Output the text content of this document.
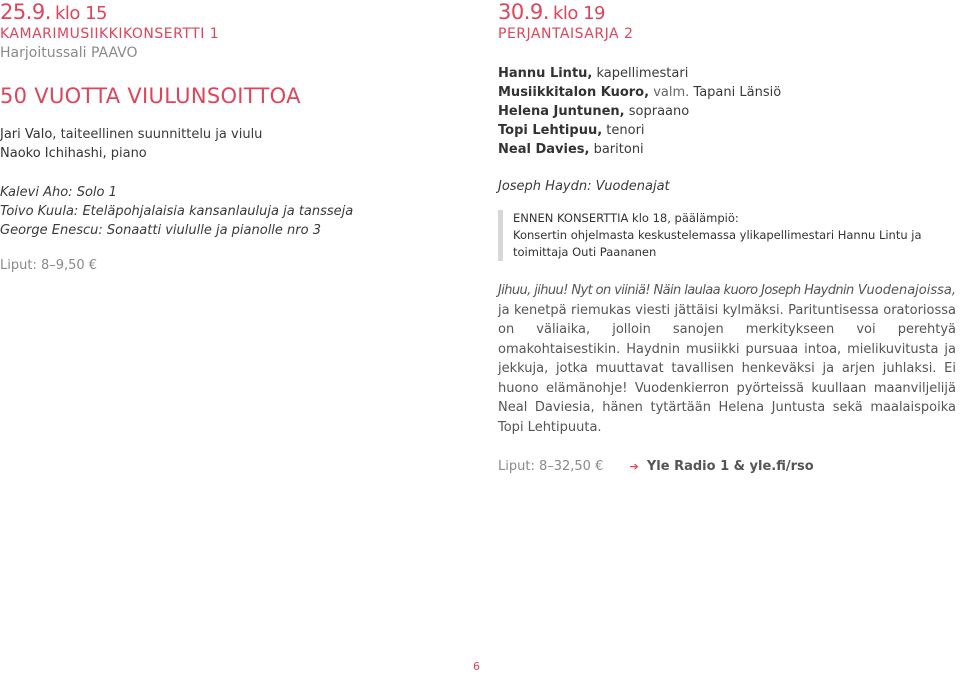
25.9. klo 15
KAMARIMUSIIKKIKONSERTTI 1
Harjoitussali PAAVO
50 VUOTTA VIULUNSOITTOA
Jari Valo, taiteellinen suunnittelu ja viulu
Naoko Ichihashi, piano
Kalevi Aho: Solo 1
Toivo Kuula: Eteläpohjalaisia kansanlauluja ja tansseja
George Enescu: Sonaatti viululle ja pianolle nro 3
Liput: 8–9,50 €
30.9. klo 19
PERJANTAISARJA 2
Hannu Lintu, kapellimestari
Musiikkitalon Kuoro, valm. Tapani Länsiö
Helena Juntunen, sopraano
Topi Lehtipuu, tenori
Neal Davies, baritoni
Joseph Haydn: Vuodenajat
ENNEN KONSERTTIA klo 18, päälämpiö:
Konsertin ohjelmasta keskustelemassa ylikapellimestari Hannu Lintu ja
toimittaja Outi Paananen
Jihuu, jihuu! Nyt on viiniä! Näin laulaa kuoro Joseph Haydnin Vuodenajoissa, ja kenetpä riemukas viesti jättäisi kylmäksi. Parituntisessa oratoriossa on väliaika, jolloin sanojen merkitykseen voi perehtyä omakohtaisestikin. Haydnin musiikki pursuaa intoa, mielikuvitusta ja jekkuja, jotka muuttavat tavallisen henkeväksi ja arjen juhlaksi. Ei huono elämänohje! Vuodenkierron pyörteissä kuullaan maanviljelijä Neal Daviesia, hänen tytärtään Helena Juntusta sekä maalaispoika Topi Lehtipuuta.
Liput: 8–32,50 € ➔ Yle Radio 1 & yle.fi/rso
6
